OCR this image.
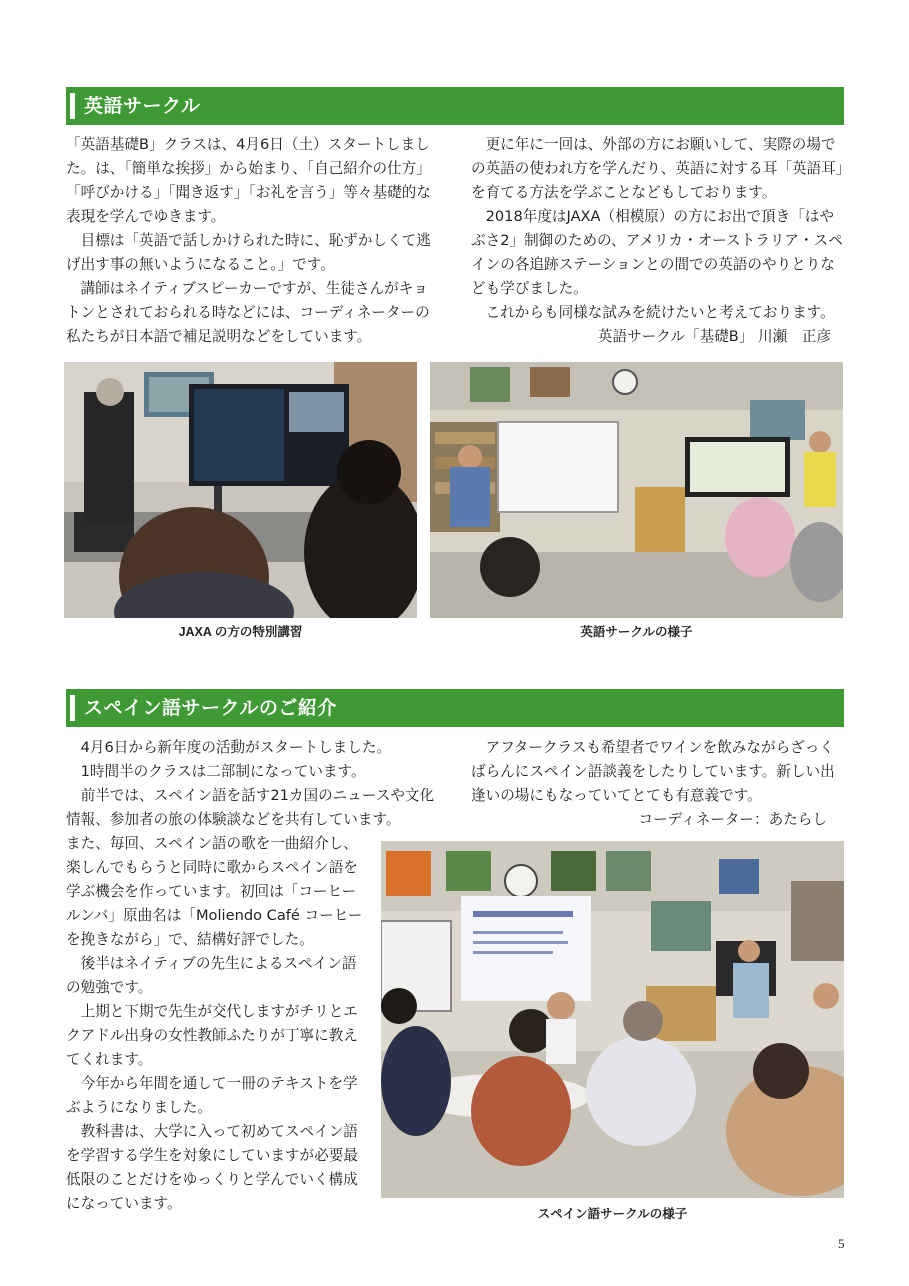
英語サークル

「英語基礎B」クラスは、4月6日（土）スタートしました。は、「簡単な挨拶」から始まり、「自己紹介の仕方」「呼びかける」「聞き返す」「お礼を言う」等々基礎的な表現を学んでゆきます。

目標は「英語で話しかけられた時に、恥ずかしくて逃げ出す事の無いようになること。」です。

講師はネイティブスピーカーですが、生徒さんがキョトンとされておられる時などには、コーディネーターの私たちが日本語で補足説明などをしています。

更に年に一回は、外部の方にお願いして、実際の場での英語の使われ方を学んだり、英語に対する耳「英語耳」を育てる方法を学ぶことなどもしております。

2018年度はJAXA（相模原）の方にお出で頂き「はやぶさ2」制御のための、アメリカ・オーストラリア・スペインの各追跡ステーションとの間での英語のやりとりなども学びました。

これからも同様な試みを続けたいと考えております。

英語サークル「基礎B」 川瀬　正彦

JAXA の方の特別講習	英語サークルの様子
スペイン語サークルのご紹介

4月6日から新年度の活動がスタートしました。

1時間半のクラスは二部制になっています。

前半では、スペイン語を話す21カ国のニュースや文化情報、参加者の旅の体験談などを共有しています。

また、毎回、スペイン語の歌を一曲紹介し、楽しんでもらうと同時に歌からスペイン語を学ぶ機会を作っています。初回は「コーヒールンバ」原曲名は「Moliendo Café コーヒーを挽きながら」で、結構好評でした。

後半はネイティブの先生によるスペイン語の勉強です。

上期と下期で先生が交代しますがチリとエクアドル出身の女性教師ふたりが丁寧に教えてくれます。

今年から年間を通して一冊のテキストを学ぶようになりました。

教科書は、大学に入って初めてスペイン語を学習する学生を対象にしていますが必要最低限のことだけをゆっくりと学んでいく構成になっています。

アフタークラスも希望者でワインを飲みながらざっくばらんにスペイン語談義をしたりしています。新しい出逢いの場にもなっていてとても有意義です。

コーディネーター：あたらし

スペイン語サークルの様子
5
